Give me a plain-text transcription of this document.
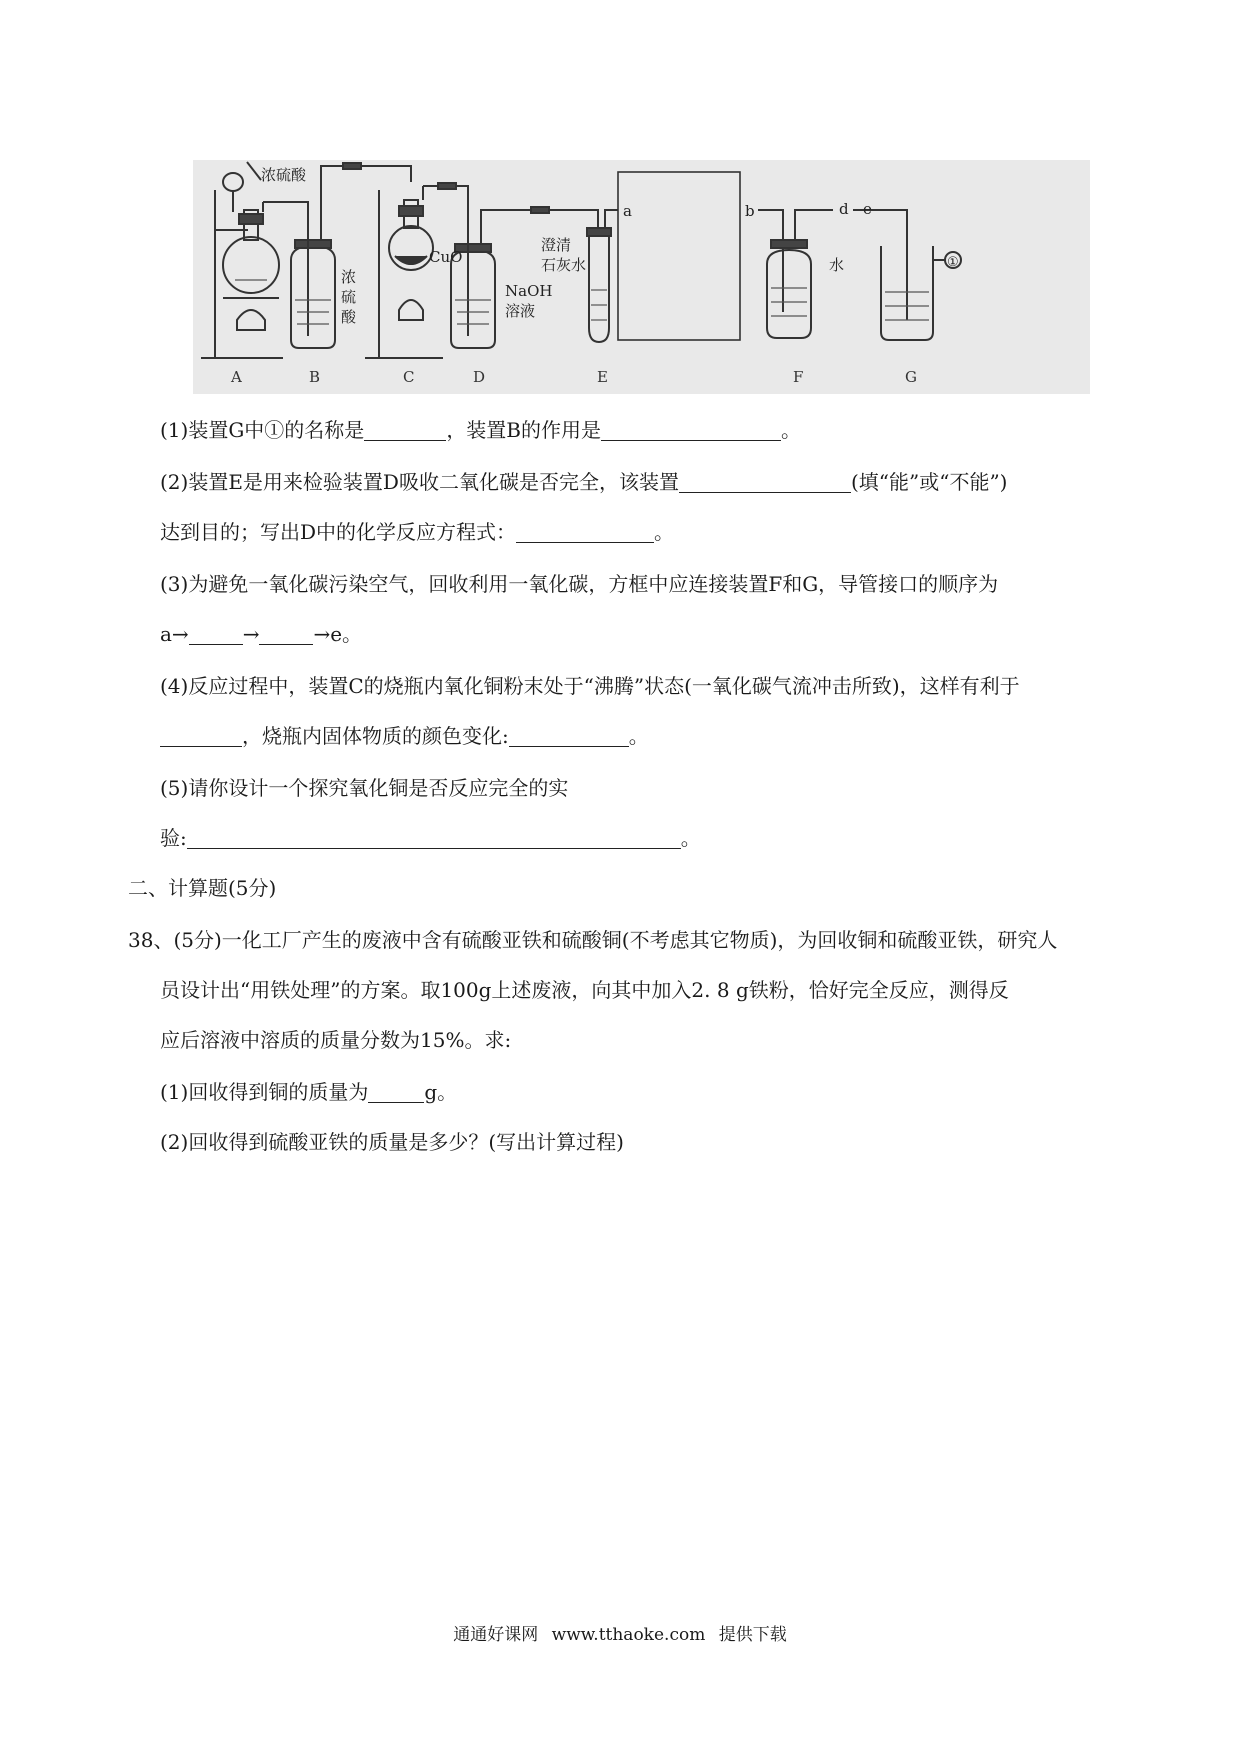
浓硫酸
浓硫酸
CuO
NaOH 溶液
澄清石灰水	水
a	b	d e
①
A	B	C	D	E	F	G
(1)装置G中①的名称是	，装置B的作用是	。
(2)装置E是用来检验装置D吸收二氧化碳是否完全，该装置	(填“能”或“不能”)
达到目的；写出D中的化学反应方程式：	。
(3)为避免一氧化碳污染空气，回收利用一氧化碳，方框中应连接装置F和G，导管接口的顺序为
a→	→	→e。
(4)反应过程中，装置C的烧瓶内氧化铜粉末处于“沸腾”状态(一氧化碳气流冲击所致)，这样有利于
，烧瓶内固体物质的颜色变化:	。
(5)请你设计一个探究氧化铜是否反应完全的实
验:	。
二、计算题(5分)
38、(5分)一化工厂产生的废液中含有硫酸亚铁和硫酸铜(不考虑其它物质)，为回收铜和硫酸亚铁，研究人
员设计出“用铁处理”的方案。取100g上述废液，向其中加入2. 8 g铁粉，恰好完全反应，测得反
应后溶液中溶质的质量分数为15%。求:
(1)回收得到铜的质量为	g。
(2)回收得到硫酸亚铁的质量是多少？(写出计算过程)
通通好课网 www.tthaoke.com 提供下载
